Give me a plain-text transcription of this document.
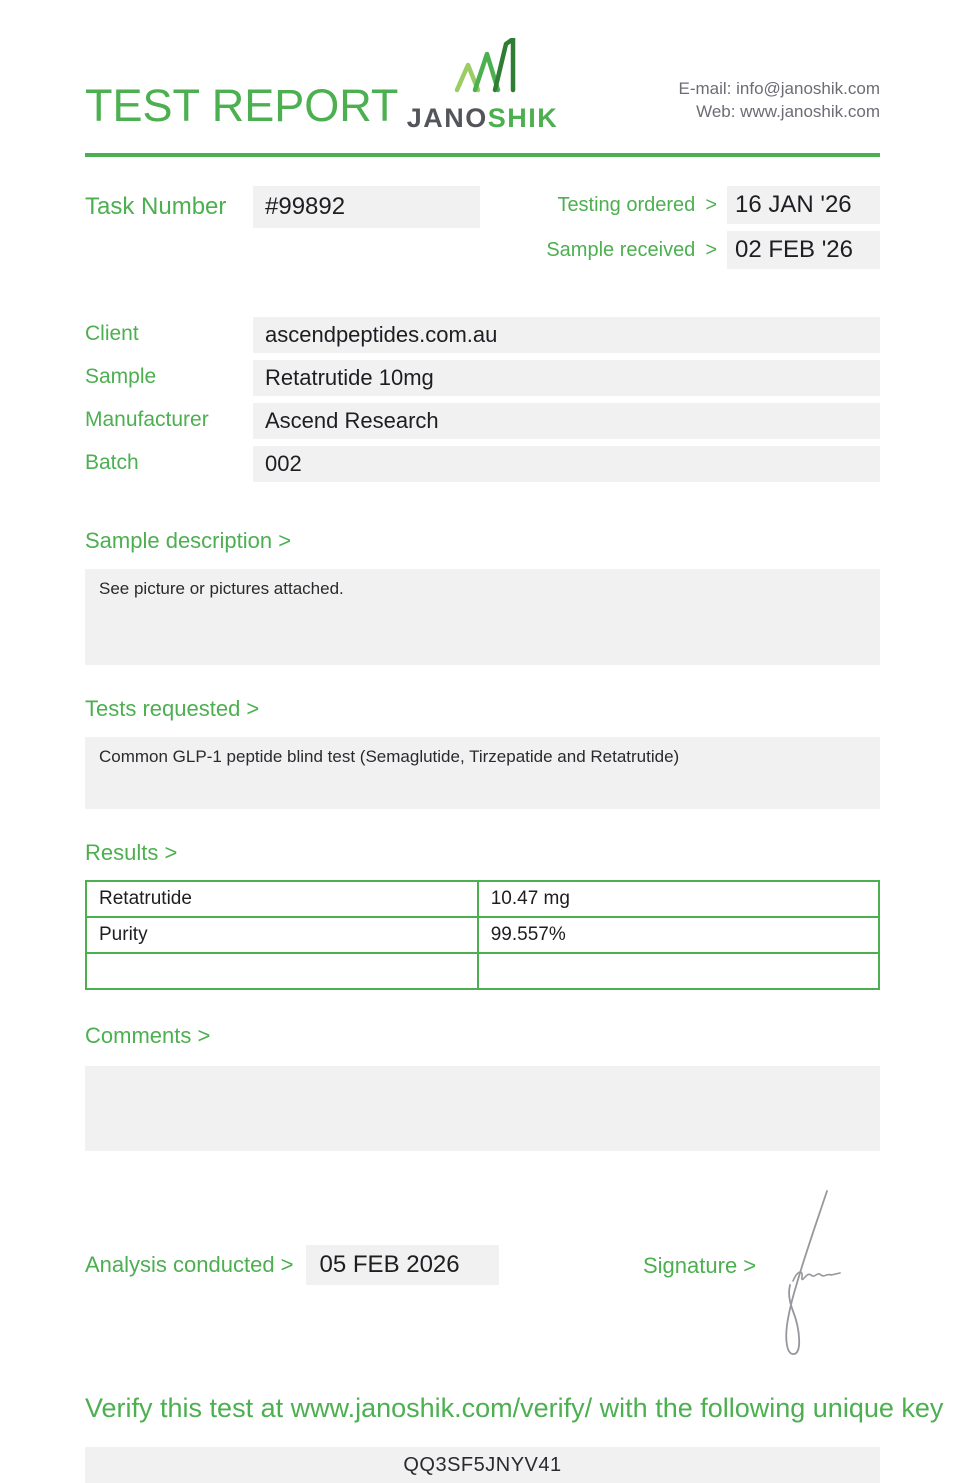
TEST REPORT JANOSHIK
E-mail: info@janoshik.com
Web: www.janoshik.com
Task Number	#99892	Testing ordered > 16 JAN '26
Sample received > 02 FEB '26
Client	ascendpeptides.com.au
Sample	Retatrutide 10mg
Manufacturer	Ascend Research
Batch	002
Sample description >
See picture or pictures attached.
Tests requested >
Common GLP-1 peptide blind test (Semaglutide, Tirzepatide and Retatrutide)
Results >
Retatrutide	10.47 mg
Purity	99.557%

Comments >
Analysis conducted >	05 FEB 2026	Signature >
Verify this test at www.janoshik.com/verify/ with the following unique key
QQ3SF5JNYV41
